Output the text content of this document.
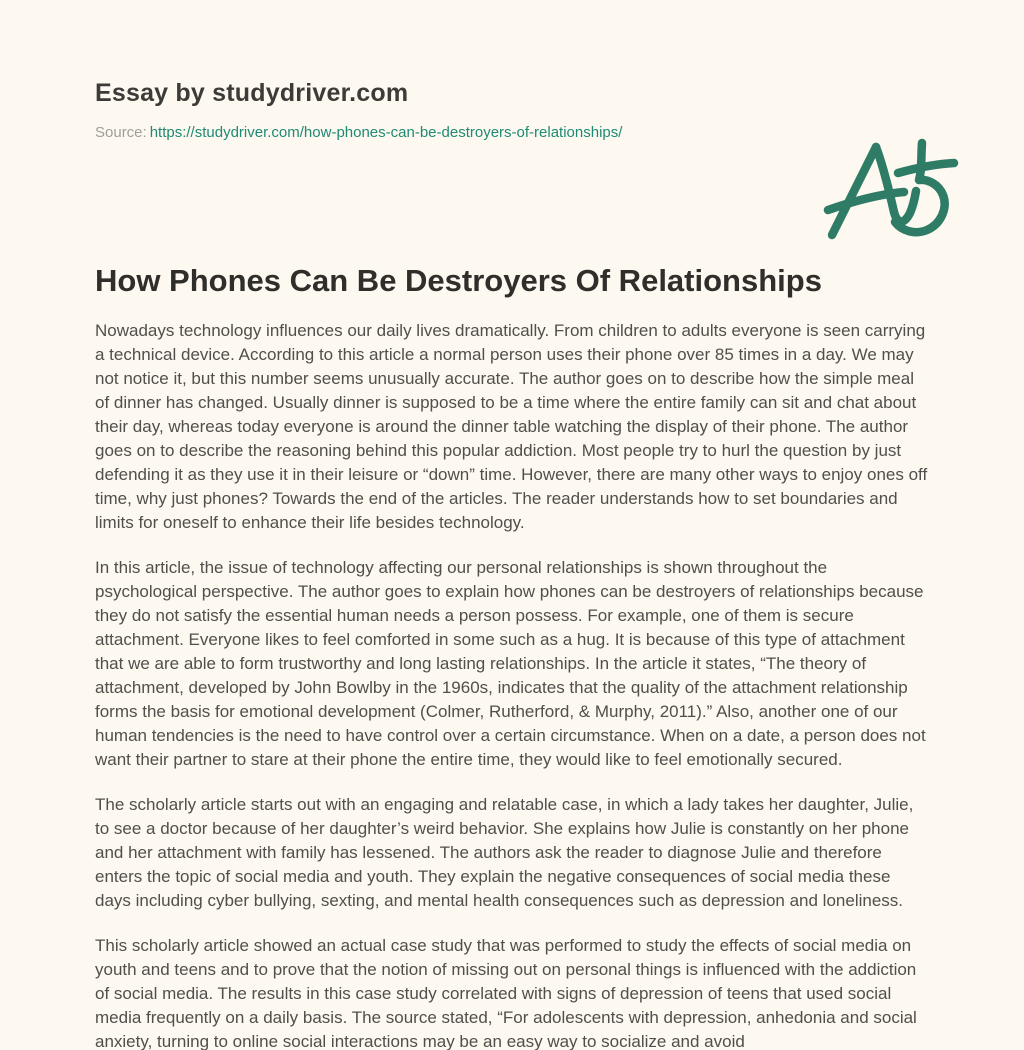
Essay by studydriver.com
Source: https://studydriver.com/how-phones-can-be-destroyers-of-relationships/
How Phones Can Be Destroyers Of Relationships

Nowadays technology influences our daily lives dramatically. From children to adults everyone is seen carrying a technical device. According to this article a normal person uses their phone over 85 times in a day. We may not notice it, but this number seems unusually accurate. The author goes on to describe how the simple meal of dinner has changed. Usually dinner is supposed to be a time where the entire family can sit and chat about their day, whereas today everyone is around the dinner table watching the display of their phone. The author goes on to describe the reasoning behind this popular addiction. Most people try to hurl the question by just defending it as they use it in their leisure or “down” time. However, there are many other ways to enjoy ones off time, why just phones? Towards the end of the articles. The reader understands how to set boundaries and limits for oneself to enhance their life besides technology.

In this article, the issue of technology affecting our personal relationships is shown throughout the psychological perspective. The author goes to explain how phones can be destroyers of relationships because they do not satisfy the essential human needs a person possess. For example, one of them is secure attachment. Everyone likes to feel comforted in some such as a hug. It is because of this type of attachment that we are able to form trustworthy and long lasting relationships. In the article it states, “The theory of attachment, developed by John Bowlby in the 1960s, indicates that the quality of the attachment relationship forms the basis for emotional development (Colmer, Rutherford, & Murphy, 2011).” Also, another one of our human tendencies is the need to have control over a certain circumstance. When on a date, a person does not want their partner to stare at their phone the entire time, they would like to feel emotionally secured.

The scholarly article starts out with an engaging and relatable case, in which a lady takes her daughter, Julie, to see a doctor because of her daughter’s weird behavior. She explains how Julie is constantly on her phone and her attachment with family has lessened. The authors ask the reader to diagnose Julie and therefore enters the topic of social media and youth. They explain the negative consequences of social media these days including cyber bullying, sexting, and mental health consequences such as depression and loneliness.

This scholarly article showed an actual case study that was performed to study the effects of social media on youth and teens and to prove that the notion of missing out on personal things is influenced with the addiction of social media. The results in this case study correlated with signs of depression of teens that used social media frequently on a daily basis. The source stated, “For adolescents with depression, anhedonia and social anxiety, turning to online social interactions may be an easy way to socialize and avoid
